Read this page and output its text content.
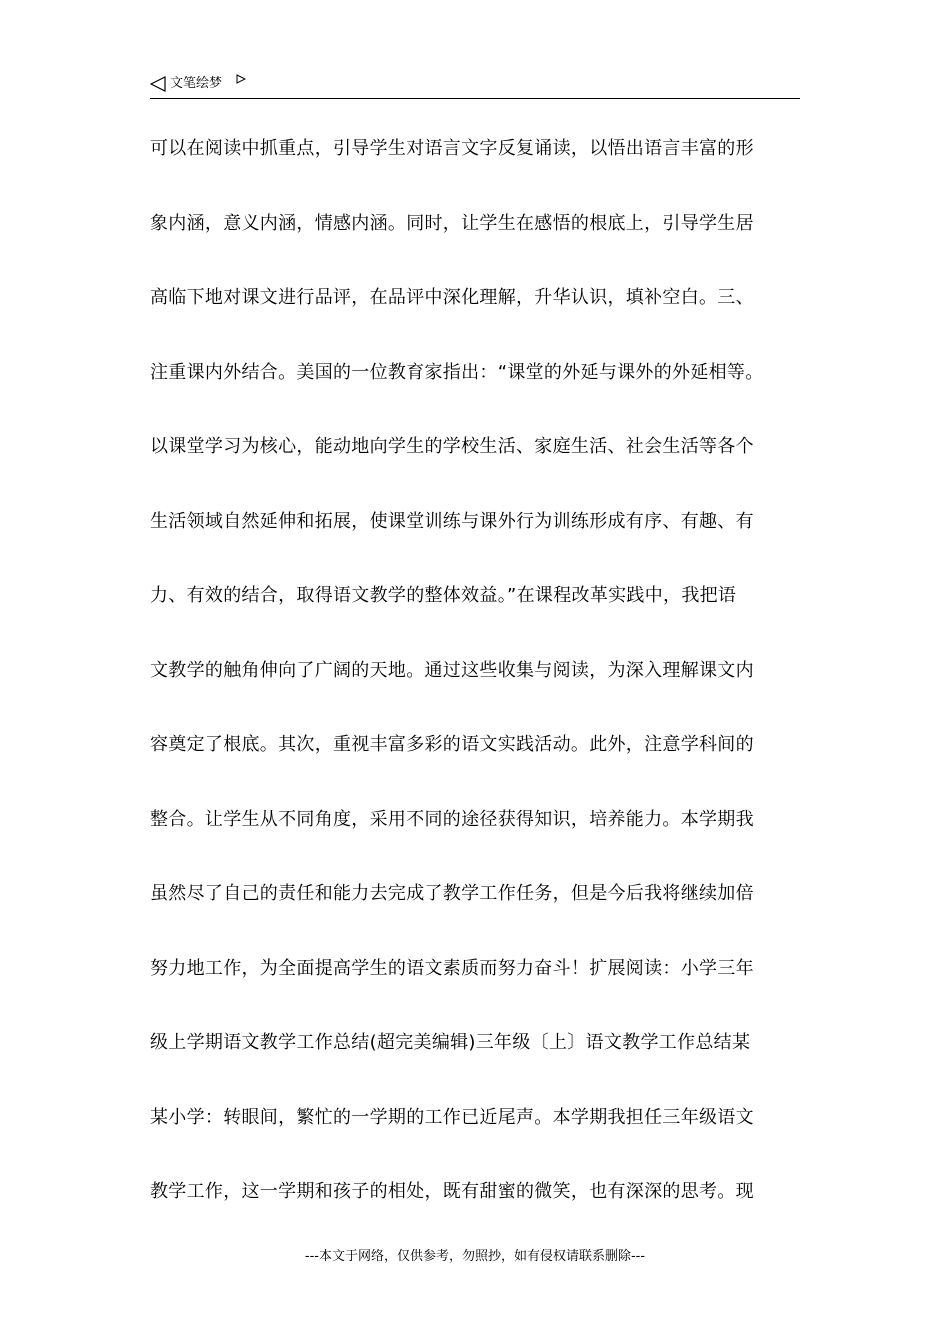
文笔绘梦
可以在阅读中抓重点，引导学生对语言文字反复诵读，以悟出语言丰富的形
象内涵，意义内涵，情感内涵。同时，让学生在感悟的根底上，引导学生居
高临下地对课文进行品评，在品评中深化理解，升华认识，填补空白。三、
注重课内外结合。美国的一位教育家指出：“课堂的外延与课外的外延相等。
以课堂学习为核心，能动地向学生的学校生活、家庭生活、社会生活等各个
生活领域自然延伸和拓展，使课堂训练与课外行为训练形成有序、有趣、有
力、有效的结合，取得语文教学的整体效益。”在课程改革实践中，我把语
文教学的触角伸向了广阔的天地。通过这些收集与阅读，为深入理解课文内
容奠定了根底。其次，重视丰富多彩的语文实践活动。此外，注意学科间的
整合。让学生从不同角度，采用不同的途径获得知识，培养能力。本学期我
虽然尽了自己的责任和能力去完成了教学工作任务，但是今后我将继续加倍
努力地工作，为全面提高学生的语文素质而努力奋斗！扩展阅读：小学三年
级上学期语文教学工作总结(超完美编辑)三年级〔上〕语文教学工作总结某
某小学：转眼间，繁忙的一学期的工作已近尾声。本学期我担任三年级语文
教学工作，这一学期和孩子的相处，既有甜蜜的微笑，也有深深的思考。现
---本文于网络，仅供参考，勿照抄，如有侵权请联系删除---
